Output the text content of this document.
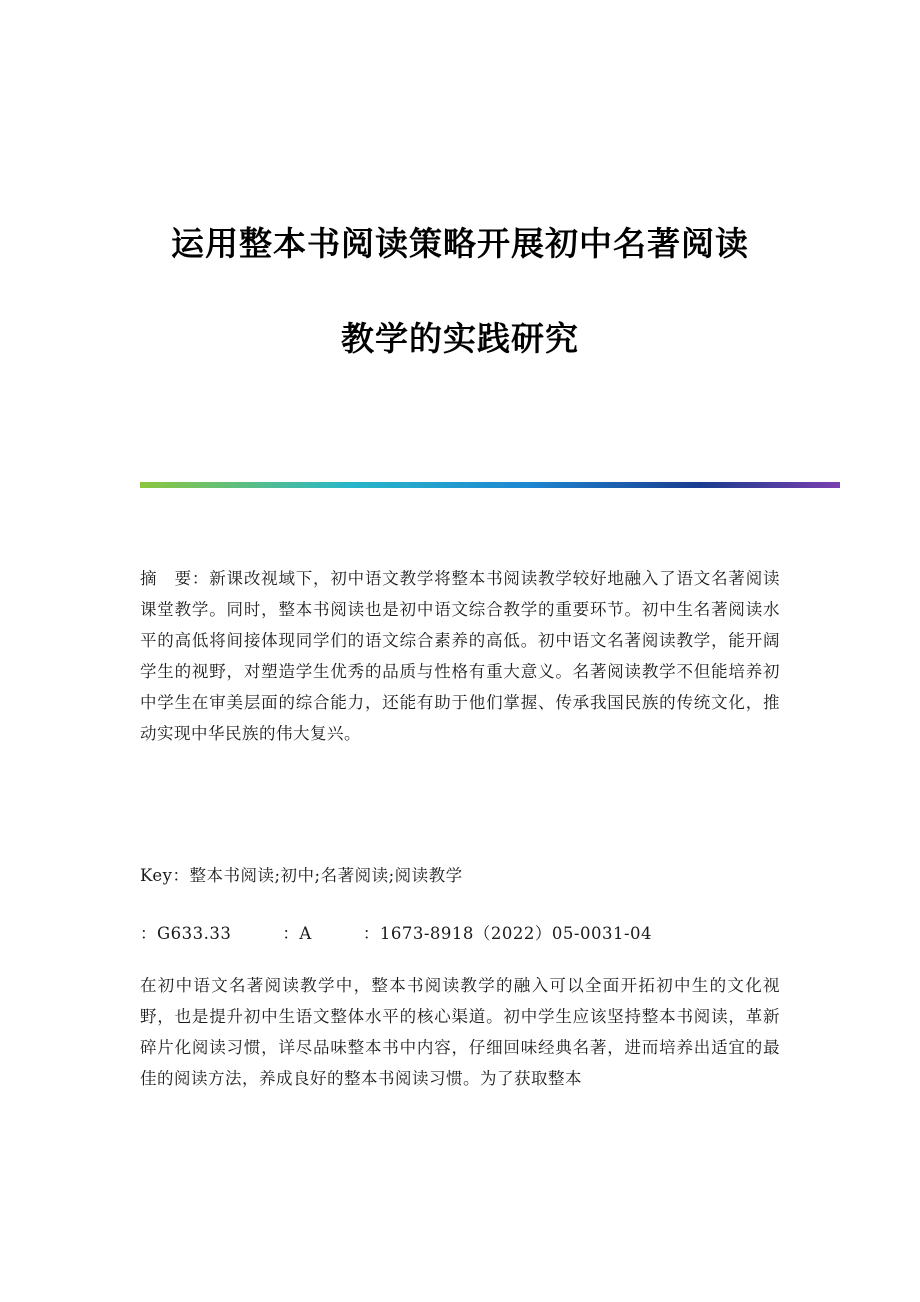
运用整本书阅读策略开展初中名著阅读
教学的实践研究
摘　要：新课改视域下，初中语文教学将整本书阅读教学较好地融入了语文名著阅读课堂教学。同时，整本书阅读也是初中语文综合教学的重要环节。初中生名著阅读水平的高低将间接体现同学们的语文综合素养的高低。初中语文名著阅读教学，能开阔学生的视野，对塑造学生优秀的品质与性格有重大意义。名著阅读教学不但能培养初中学生在审美层面的综合能力，还能有助于他们掌握、传承我国民族的传统文化，推动实现中华民族的伟大复兴。
Key：整本书阅读;初中;名著阅读;阅读教学
：G633.33　　　：A　　　：1673-8918（2022）05-0031-04
在初中语文名著阅读教学中，整本书阅读教学的融入可以全面开拓初中生的文化视野，也是提升初中生语文整体水平的核心渠道。初中学生应该坚持整本书阅读，革新碎片化阅读习惯，详尽品味整本书中内容，仔细回味经典名著，进而培养出适宜的最佳的阅读方法，养成良好的整本书阅读习惯。为了获取整本
